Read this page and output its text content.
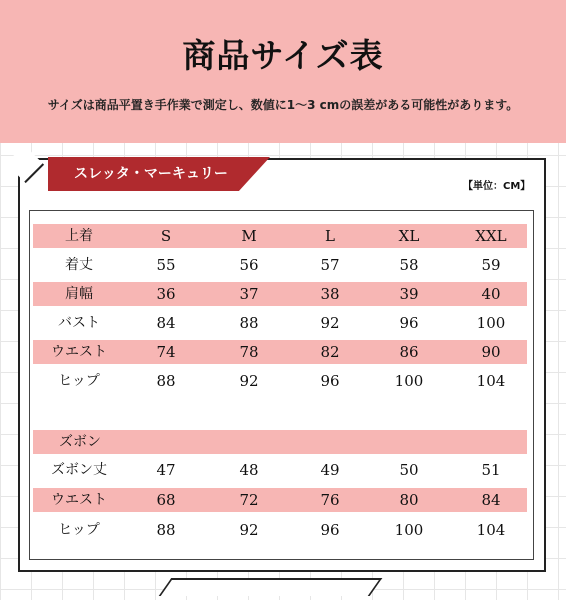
商品サイズ表
サイズは商品平置き手作業で測定し、数値に1～3 cmの誤差がある可能性があります。
スレッタ・マーキュリー
【単位：CM】
上着	S	M	L	XL	XXL
着丈	55	56	57	58	59
肩幅	36	37	38	39	40
バスト	84	88	92	96	100
ウエスト	74	78	82	86	90
ヒップ	88	92	96	100	104
ズボン
ズボン丈	47	48	49	50	51
ウエスト	68	72	76	80	84
ヒップ	88	92	96	100	104
